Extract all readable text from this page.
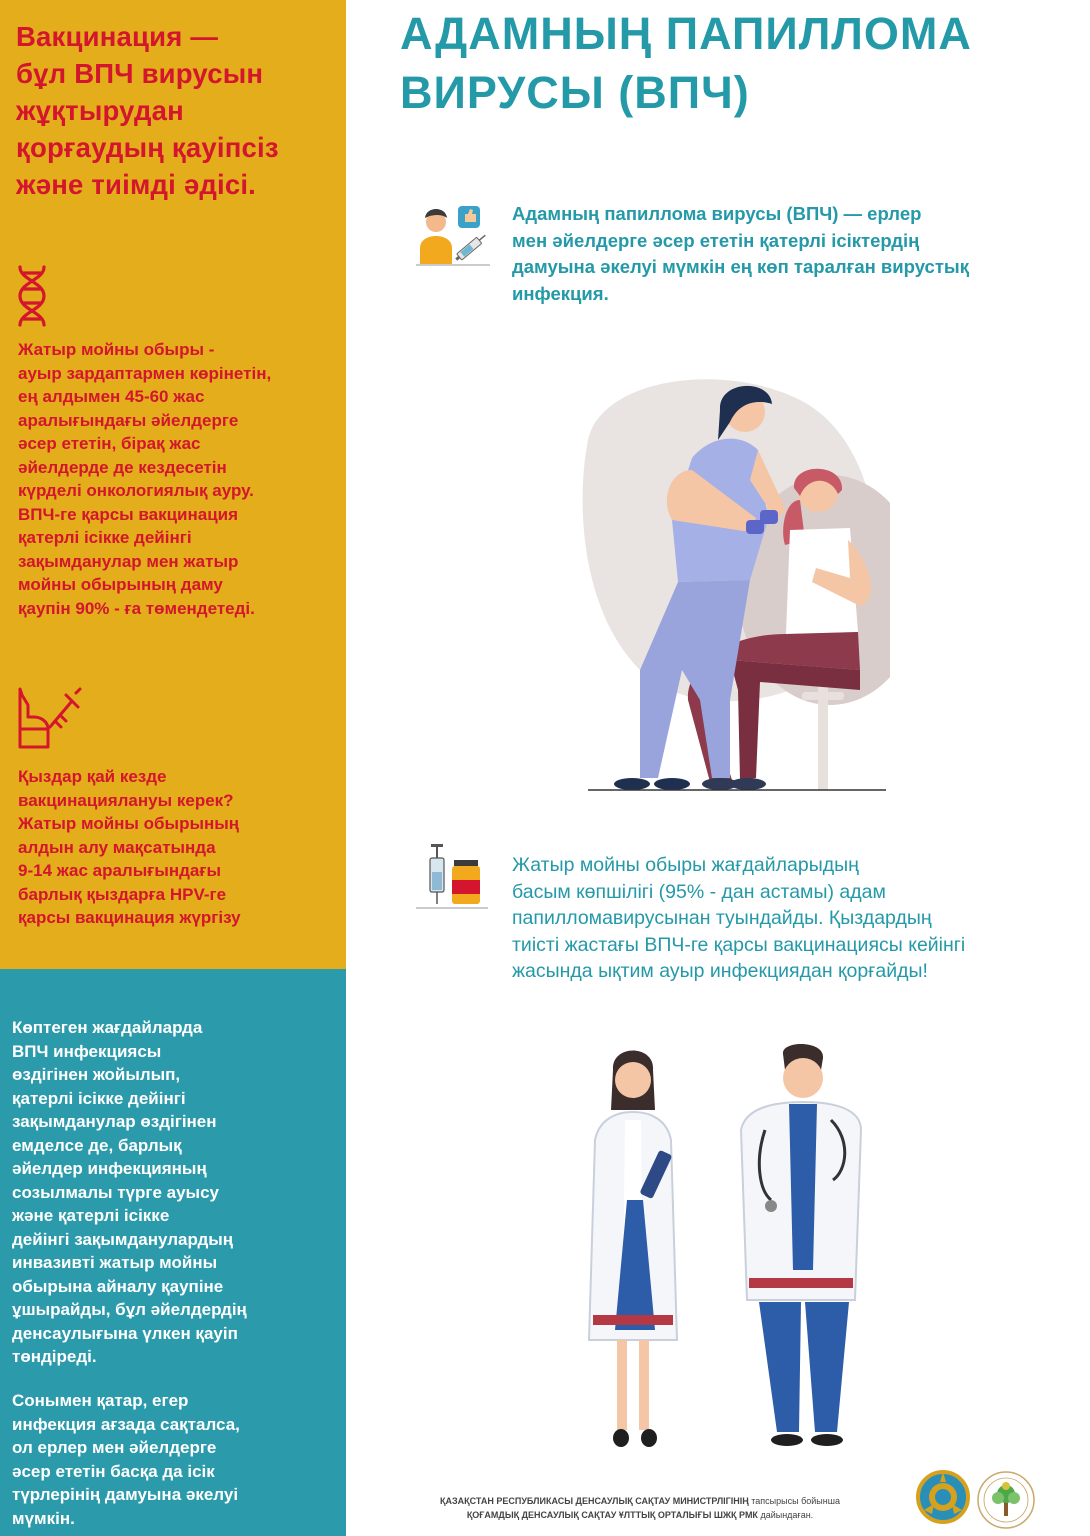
Вакцинация —
бұл ВПЧ вирусын
жұқтырудан
қорғаудың қауіпсіз
және тиімді әдісі.

Жатыр мойны обыры -
ауыр зардаптармен көрінетін,
ең алдымен 45-60 жас
аралығындағы әйелдерге
әсер ететін, бірақ жас
әйелдерде де кездесетін
күрделі онкологиялық ауру.
ВПЧ-ге қарсы вакцинация
қатерлі ісікке дейінгі
зақымданулар мен жатыр
мойны обырының даму
қаупін 90% - ға төмендетеді.

Қыздар қай кезде
вакцинациялануы керек?
Жатыр мойны обырының
алдын алу мақсатында
9-14 жас аралығындағы
барлық қыздарға HPV-ге
қарсы вакцинация жүргізу

Көптеген жағдайларда
ВПЧ инфекциясы
өздігінен жойылып,
қатерлі ісікке дейінгі
зақымданулар өздігінен
емделсе де, барлық
әйелдер инфекцияның
созылмалы түрге ауысу
және қатерлі ісікке
дейінгі зақымданулардың
инвазивті жатыр мойны
обырына айналу қаупіне
ұшырайды, бұл әйелдердің
денсаулығына үлкен қауіп
төндіреді.

Сонымен қатар, егер
инфекция ағзада сақталса,
ол ерлер мен әйелдерге
әсер ететін басқа да ісік
түрлерінің дамуына әкелуі
мүмкін.

АДАМНЫҢ ПАПИЛЛОМА
ВИРУСЫ (ВПЧ)

Адамның папиллома вирусы (ВПЧ) — ерлер
мен әйелдерге әсер ететін қатерлі ісіктердің
дамуына әкелуі мүмкін ең көп таралған вирустық
инфекция.

Жатыр мойны обыры жағдайларыдың
басым көпшілігі (95% - дан астамы) адам
папилломавирусынан туындайды. Қыздардың
тиісті жастағы ВПЧ-ге қарсы вакцинациясы кейінгі
жасында ықтим ауыр инфекциядан қорғайды!

ҚАЗАҚСТАН РЕСПУБЛИКАСЫ ДЕНСАУЛЫҚ САҚТАУ МИНИСТРЛІГІНІҢ тапсырысы бойынша
ҚОҒАМДЫҚ ДЕНСАУЛЫҚ САҚТАУ ҰЛТТЫҚ ОРТАЛЫҒЫ ШЖҚ РМК дайындаған.
